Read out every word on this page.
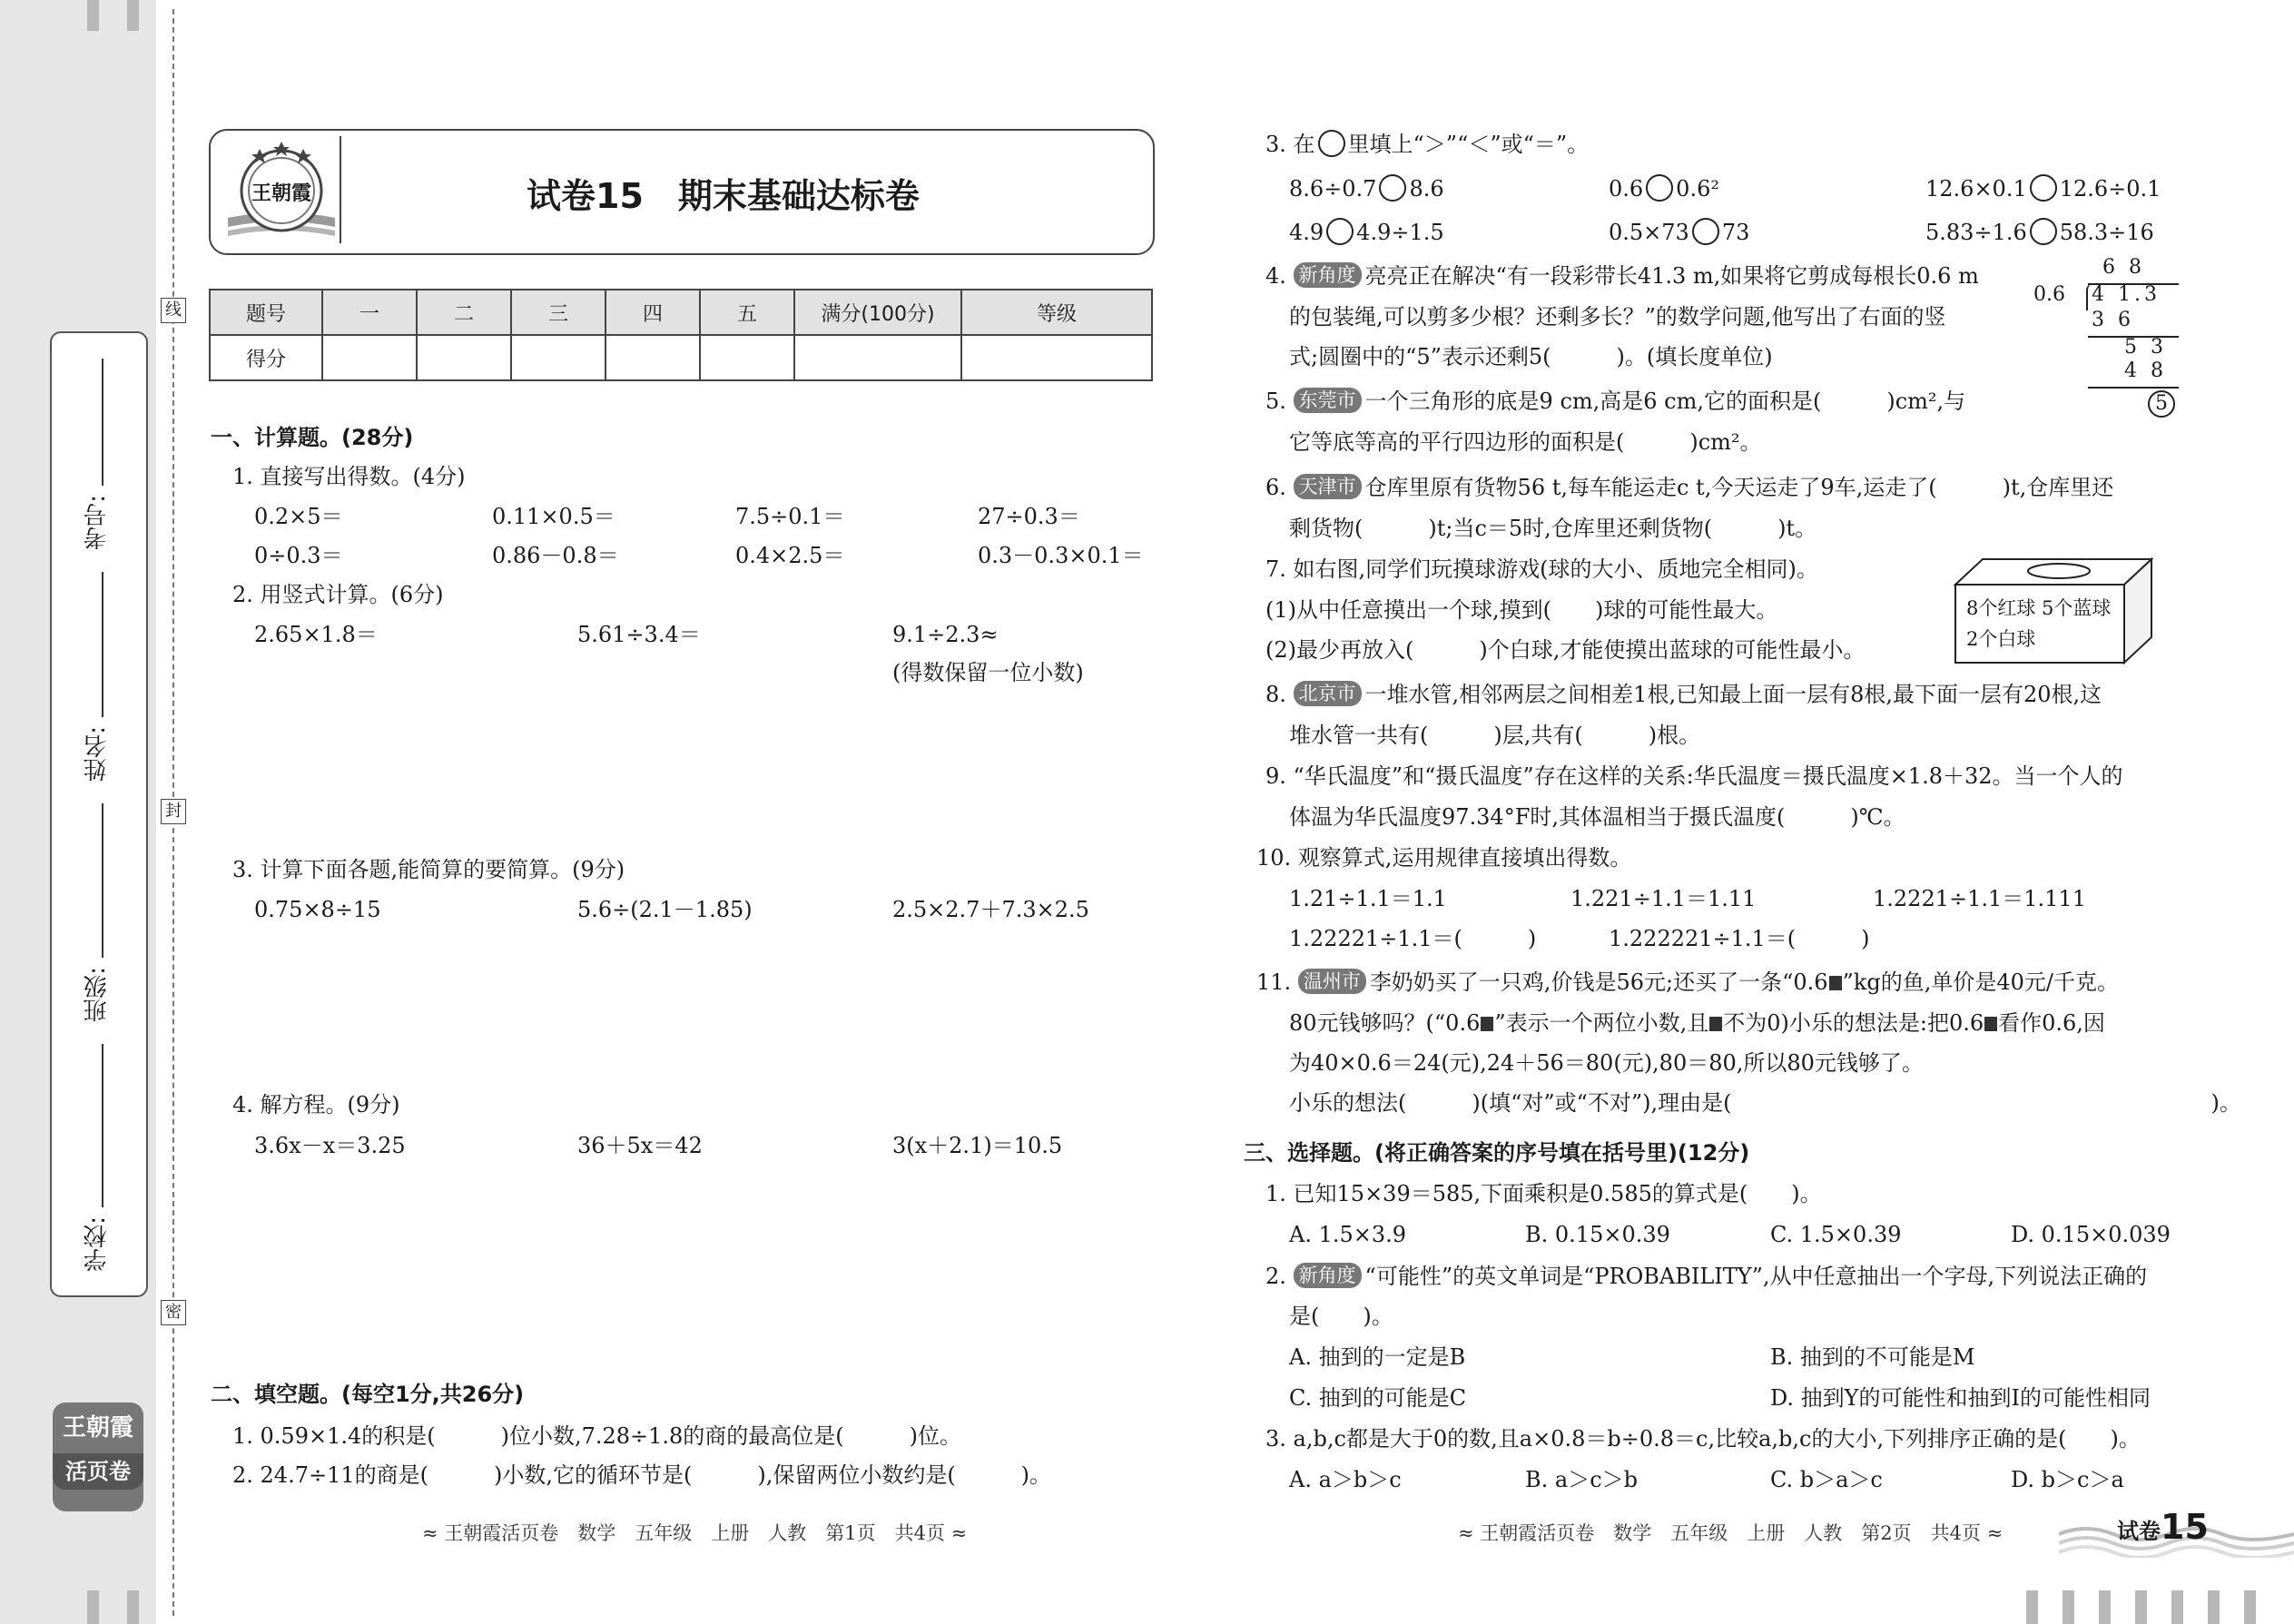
考号:
姓名:
班级:
学校:
线
封
密
王朝霞
活页卷
王朝霞	试卷15　期末基础达标卷
题号	一	二	三	四	五	满分(100分)	等级
得分							
一、计算题。(28分)
1. 直接写出得数。(4分)
0.2×5＝	0.11×0.5＝	7.5÷0.1＝	27÷0.3＝
0÷0.3＝	0.86－0.8＝	0.4×2.5＝	0.3－0.3×0.1＝
2. 用竖式计算。(6分)
2.65×1.8＝	5.61÷3.4＝	9.1÷2.3≈
(得数保留一位小数)
3. 计算下面各题,能简算的要简算。(9分)
0.75×8÷15	5.6÷(2.1－1.85)	2.5×2.7＋7.3×2.5
4. 解方程。(9分)
3.6x－x＝3.25	36＋5x＝42	3(x＋2.1)＝10.5
二、填空题。(每空1分,共26分)
1. 0.59×1.4的积是(　　　)位小数,7.28÷1.8的商的最高位是(　　　)位。
2. 24.7÷11的商是(　　　)小数,它的循环节是(　　　),保留两位小数约是(　　　)。
≈ 王朝霞活页卷　数学　五年级　上册　人教　第1页　共4页 ≈
3. 在 里填上“＞”“＜”或“＝”。
8.6÷0.7 8.6	0.6 0.6²	12.6×0.1 12.6÷0.1
4.9 4.9÷1.5	0.5×73 73	5.83÷1.6 58.3÷16
4. 新角度 亮亮正在解决“有一段彩带长41.3 m,如果将它剪成每根长0.6 m
的包装绳,可以剪多少根？还剩多长？”的数学问题,他写出了右面的竖
式;圆圈中的“5”表示还剩5(　　　)。(填长度单位)
6 8
0.6 4 1.3
3 6
5 3
4 8
5
5. 东莞市 一个三角形的底是9 cm,高是6 cm,它的面积是(　　　)cm²,与
它等底等高的平行四边形的面积是(　　　)cm²。
6. 天津市 仓库里原有货物56 t,每车能运走c t,今天运走了9车,运走了(　　　)t,仓库里还
剩货物(　　　)t;当c＝5时,仓库里还剩货物(　　　)t。
7. 如右图,同学们玩摸球游戏(球的大小、质地完全相同)。
(1)从中任意摸出一个球,摸到(　　)球的可能性最大。
(2)最少再放入(　　　)个白球,才能使摸出蓝球的可能性最小。
8个红球 5个蓝球
2个白球
8. 北京市 一堆水管,相邻两层之间相差1根,已知最上面一层有8根,最下面一层有20根,这
堆水管一共有(　　　)层,共有(　　　)根。
9. “华氏温度”和“摄氏温度”存在这样的关系:华氏温度＝摄氏温度×1.8＋32。当一个人的
体温为华氏温度97.34°F时,其体温相当于摄氏温度(　　　)℃。
10. 观察算式,运用规律直接填出得数。
1.21÷1.1＝1.1	1.221÷1.1＝1.11	1.2221÷1.1＝1.111
1.22221÷1.1＝(　　　)	1.222221÷1.1＝(　　　)
11. 温州市 李奶奶买了一只鸡,价钱是56元;还买了一条“0.6 ”kg的鱼,单价是40元/千克。
80元钱够吗？(“0.6 ”表示一个两位小数,且 不为0)小乐的想法是:把0.6 看作0.6,因
为40×0.6＝24(元),24＋56＝80(元),80＝80,所以80元钱够了。
小乐的想法(　　　)(填“对”或“不对”),理由是(　　　　　　　　　　　　　　　　　　　　　　)。
三、选择题。(将正确答案的序号填在括号里)(12分)
1. 已知15×39＝585,下面乘积是0.585的算式是(　　)。
A. 1.5×3.9	B. 0.15×0.39	C. 1.5×0.39	D. 0.15×0.039
2. 新角度 “可能性”的英文单词是“PROBABILITY”,从中任意抽出一个字母,下列说法正确的
是(　　)。
A. 抽到的一定是B	B. 抽到的不可能是M
C. 抽到的可能是C	D. 抽到Y的可能性和抽到I的可能性相同
3. a,b,c都是大于0的数,且a×0.8＝b÷0.8＝c,比较a,b,c的大小,下列排序正确的是(　　)。
A. a＞b＞c	B. a＞c＞b	C. b＞a＞c	D. b＞c＞a
≈ 王朝霞活页卷　数学　五年级　上册　人教　第2页　共4页 ≈	试卷15
